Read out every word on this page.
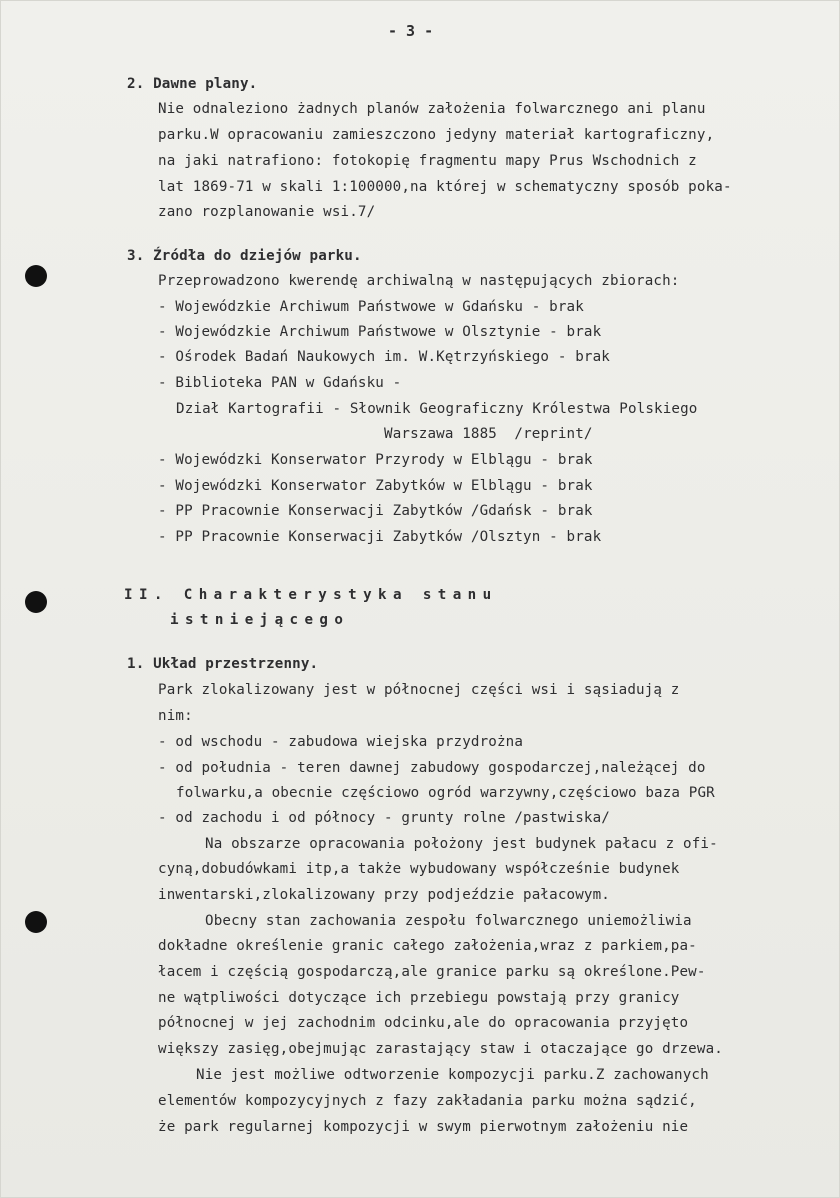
- 3 -
2. Dawne plany.
Nie odnaleziono żadnych planów założenia folwarcznego ani planu
parku.W opracowaniu zamieszczono jedyny materiał kartograficzny,
na jaki natrafiono: fotokopię fragmentu mapy Prus Wschodnich z
lat 1869-71 w skali 1:100000,na której w schematyczny sposób poka-
zano rozplanowanie wsi.7/
3. Źródła do dziejów parku.
Przeprowadzono kwerendę archiwalną w następujących zbiorach:
- Wojewódzkie Archiwum Państwowe w Gdańsku - brak
- Wojewódzkie Archiwum Państwowe w Olsztynie - brak
- Ośrodek Badań Naukowych im. W.Kętrzyńskiego - brak
- Biblioteka PAN w Gdańsku -
Dział Kartografii - Słownik Geograficzny Królestwa Polskiego
Warszawa 1885  /reprint/
- Wojewódzki Konserwator Przyrody w Elblągu - brak
- Wojewódzki Konserwator Zabytków w Elblągu - brak
- PP Pracownie Konserwacji Zabytków /Gdańsk - brak
- PP Pracownie Konserwacji Zabytków /Olsztyn - brak
II. Charakterystyka stanu
istniejącego
1. Układ przestrzenny.
Park zlokalizowany jest w północnej części wsi i sąsiadują z
nim:
- od wschodu - zabudowa wiejska przydrożna
- od południa - teren dawnej zabudowy gospodarczej,należącej do
folwarku,a obecnie częściowo ogród warzywny,częściowo baza PGR
- od zachodu i od północy - grunty rolne /pastwiska/
Na obszarze opracowania położony jest budynek pałacu z ofi-
cyną,dobudówkami itp,a także wybudowany współcześnie budynek
inwentarski,zlokalizowany przy podjeździe pałacowym.
Obecny stan zachowania zespołu folwarcznego uniemożliwia
dokładne określenie granic całego założenia,wraz z parkiem,pa-
łacem i częścią gospodarczą,ale granice parku są określone.Pew-
ne wątpliwości dotyczące ich przebiegu powstają przy granicy
północnej w jej zachodnim odcinku,ale do opracowania przyjęto
większy zasięg,obejmując zarastający staw i otaczające go drzewa.
Nie jest możliwe odtworzenie kompozycji parku.Z zachowanych
elementów kompozycyjnych z fazy zakładania parku można sądzić,
że park regularnej kompozycji w swym pierwotnym założeniu nie
